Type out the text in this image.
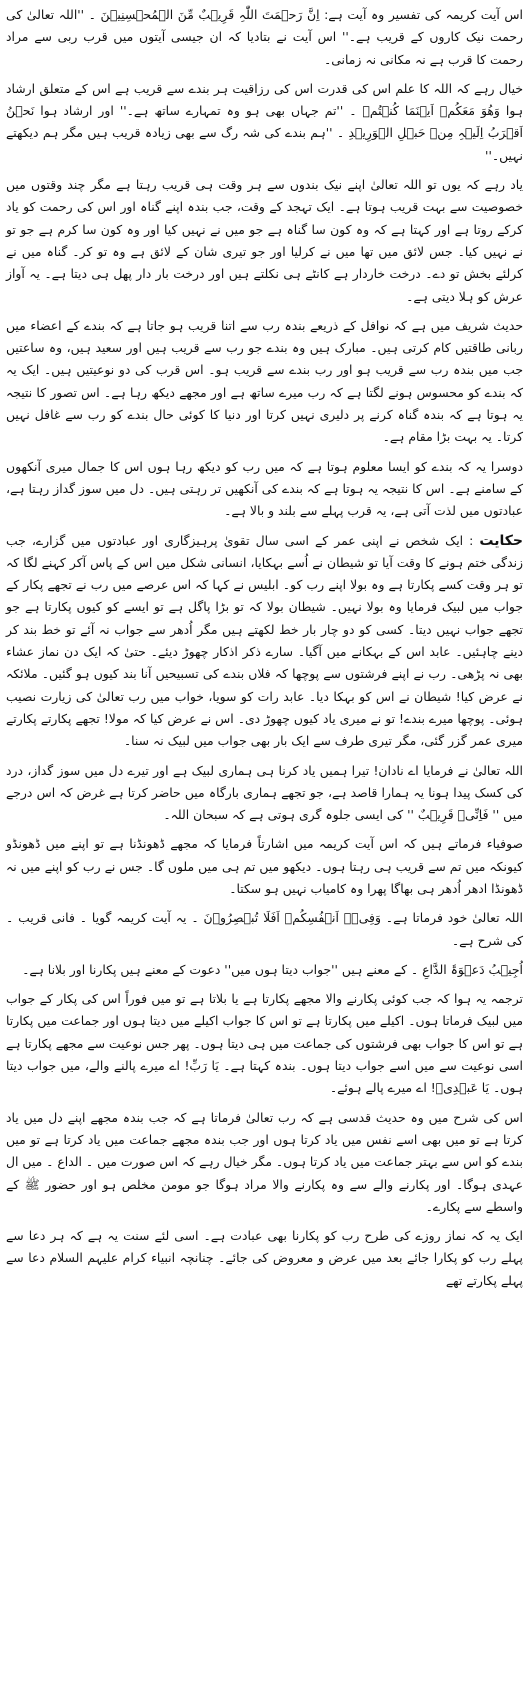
اس آیت کریمہ کی تفسیر وہ آیت ہے: اِنَّ رَحۡمَتَ اللّٰہِ قَرِیۡبٌ مِّنَ الۡمُحۡسِنِیۡنَ ۔ ''اللہ تعالیٰ کی رحمت نیک کاروں کے قریب ہے۔'' اس آیت نے بتادیا کہ ان جیسی آیتوں میں قرب ربی سے مراد رحمت کا قرب ہے نہ مکانی نہ زمانی۔

خیال رہے کہ اللہ کا علم اس کی قدرت اس کی رزاقیت ہر بندے سے قریب ہے اس کے متعلق ارشاد ہوا وَھُوَ مَعَکُمۡ اَیۡنَمَا کُنۡتُمۡ ۔ ''تم جہاں بھی ہو وہ تمہارے ساتھ ہے۔'' اور ارشاد ہوا نَحۡنُ اَقۡرَبُ اِلَیۡہِ مِنۡ حَبۡلِ الۡوَرِیۡدِ ۔ ''ہم بندے کی شہ رگ سے بھی زیادہ قریب ہیں مگر ہم دیکھتے نہیں۔''

یاد رہے کہ یوں تو اللہ تعالیٰ اپنے نیک بندوں سے ہر وقت ہی قریب رہتا ہے مگر چند وقتوں میں خصوصیت سے بہت قریب ہوتا ہے۔ ایک تہجد کے وقت، جب بندہ اپنے گناہ اور اس کی رحمت کو یاد کرکے روتا ہے اور کہتا ہے کہ وہ کون سا گناہ ہے جو میں نے نہیں کیا اور وہ کون سا کرم ہے جو تو نے نہیں کیا۔ جس لائق میں تھا میں نے کرلیا اور جو تیری شان کے لائق ہے وہ تو کر۔ گناہ میں نے کرلئے بخش تو دے۔ درخت خاردار ہے کانٹے ہی نکلتے ہیں اور درخت بار دار پھل ہی دیتا ہے۔ یہ آواز عرش کو ہلا دیتی ہے۔

حدیث شریف میں ہے کہ نوافل کے ذریعے بندہ رب سے اتنا قریب ہو جاتا ہے کہ بندے کے اعضاء میں ربانی طاقتیں کام کرتی ہیں۔ مبارک ہیں وہ بندے جو رب سے قریب ہیں اور سعید ہیں، وہ ساعتیں جب میں بندہ رب سے قریب ہو اور رب بندے سے قریب ہو۔ اس قرب کی دو نوعیتیں ہیں۔ ایک یہ کہ بندے کو محسوس ہونے لگتا ہے کہ رب میرے ساتھ ہے اور مجھے دیکھ رہا ہے۔ اس تصور کا نتیجہ یہ ہوتا ہے کہ بندہ گناہ کرنے پر دلیری نہیں کرتا اور دنیا کا کوئی حال بندے کو رب سے غافل نہیں کرتا۔ یہ بہت بڑا مقام ہے۔

دوسرا یہ کہ بندے کو ایسا معلوم ہوتا ہے کہ میں رب کو دیکھ رہا ہوں اس کا جمال میری آنکھوں کے سامنے ہے۔ اس کا نتیجہ یہ ہوتا ہے کہ بندے کی آنکھیں تر رہتی ہیں۔ دل میں سوز گداز رہتا ہے، عبادتوں میں لذت آتی ہے، یہ قرب پہلے سے بلند و بالا ہے۔

حکایت : ایک شخص نے اپنی عمر کے اسی سال تقویٰ پرہیزگاری اور عبادتوں میں گزارے، جب زندگی ختم ہونے کا وقت آیا تو شیطان نے اُسے بہکایا، انسانی شکل میں اس کے پاس آکر کہنے لگا کہ تو ہر وقت کسے پکارتا ہے وہ بولا اپنے رب کو۔ ابلیس نے کہا کہ اس عرصے میں رب نے تجھے پکار کے جواب میں لبیک فرمایا وہ بولا نہیں۔ شیطان بولا کہ تو بڑا پاگل ہے تو ایسے کو کیوں پکارتا ہے جو تجھے جواب نہیں دیتا۔ کسی کو دو چار بار خط لکھتے ہیں مگر اُدھر سے جواب نہ آئے تو خط بند کر دینے چاہئیں۔ عابد اس کے بہکانے میں آگیا۔ سارے ذکر اذکار چھوڑ دیئے۔ حتیٰ کہ ایک دن نماز عشاء بھی نہ پڑھی۔ رب نے اپنے فرشتوں سے پوچھا کہ فلاں بندے کی تسبیحیں آنا بند کیوں ہو گئیں۔ ملائکہ نے عرض کیا! شیطان نے اس کو بہکا دیا۔ عابد رات کو سویا، خواب میں رب تعالیٰ کی زیارت نصیب ہوئی۔ پوچھا میرے بندے! تو نے میری یاد کیوں چھوڑ دی۔ اس نے عرض کیا کہ مولا! تجھے پکارتے پکارتے میری عمر گزر گئی، مگر تیری طرف سے ایک بار بھی جواب میں لبیک نہ سنا۔

اللہ تعالیٰ نے فرمایا اے نادان! تیرا ہمیں یاد کرنا ہی ہماری لبیک ہے اور تیرے دل میں سوز گداز، درد کی کسک پیدا ہونا یہ ہمارا قاصد ہے، جو تجھے ہماری بارگاہ میں حاضر کرتا ہے غرض کہ اس درجے میں '' فَاِنِّیۡ قَرِیۡبٌ '' کی ایسی جلوہ گری ہوتی ہے کہ سبحان اللہ۔

صوفیاء فرماتے ہیں کہ اس آیت کریمہ میں اشارتاً فرمایا کہ مجھے ڈھونڈنا ہے تو اپنے میں ڈھونڈو کیونکہ میں تم سے قریب ہی رہتا ہوں۔ دیکھو میں تم ہی میں ملوں گا۔ جس نے رب کو اپنے میں نہ ڈھونڈا ادھر اُدھر ہی بھاگا پھرا وہ کامیاب نہیں ہو سکتا۔

اللہ تعالیٰ خود فرماتا ہے۔ وَفِیۡۤ اَنۡفُسِکُمۡ اَفَلَا تُبۡصِرُوۡنَ ۔ یہ آیت کریمہ گویا ۔ فانی قریب ۔ کی شرح ہے۔

اُجِیۡبُ دَعۡوَۃَ الدَّاعِ ۔ کے معنے ہیں ''جواب دیتا ہوں میں'' دعوت کے معنے ہیں پکارنا اور بلانا ہے۔

ترجمہ یہ ہوا کہ جب کوئی پکارنے والا مجھے پکارتا ہے یا بلاتا ہے تو میں فوراً اس کی پکار کے جواب میں لبیک فرماتا ہوں۔ اکیلے میں پکارتا ہے تو اس کا جواب اکیلے میں دیتا ہوں اور جماعت میں پکارتا ہے تو اس کا جواب بھی فرشتوں کی جماعت میں ہی دیتا ہوں۔ پھر جس نوعیت سے مجھے پکارتا ہے اسی نوعیت سے میں اسے جواب دیتا ہوں۔ بندہ کہتا ہے۔ یَا رَبِّ! اے میرے پالنے والے، میں جواب دیتا ہوں۔ یَا عَبۡدِیۡ! اے میرے پالے ہوئے۔

اس کی شرح میں وہ حدیث قدسی ہے کہ رب تعالیٰ فرماتا ہے کہ جب بندہ مجھے اپنے دل میں یاد کرتا ہے تو میں بھی اسے نفس میں یاد کرتا ہوں اور جب بندہ مجھے جماعت میں یاد کرتا ہے تو میں بندے کو اس سے بہتر جماعت میں یاد کرتا ہوں۔ مگر خیال رہے کہ اس صورت میں ۔ الداع ۔ میں ال عہدی ہوگا۔ اور پکارنے والے سے وہ پکارنے والا مراد ہوگا جو مومن مخلص ہو اور حضور ﷺ کے واسطے سے پکارے۔

ایک یہ کہ نماز روزے کی طرح رب کو پکارنا بھی عبادت ہے۔ اسی لئے سنت یہ ہے کہ ہر دعا سے پہلے رب کو پکارا جائے بعد میں عرض و معروض کی جائے۔ چنانچہ انبیاء کرام علیہم السلام دعا سے پہلے پکارتے تھے
